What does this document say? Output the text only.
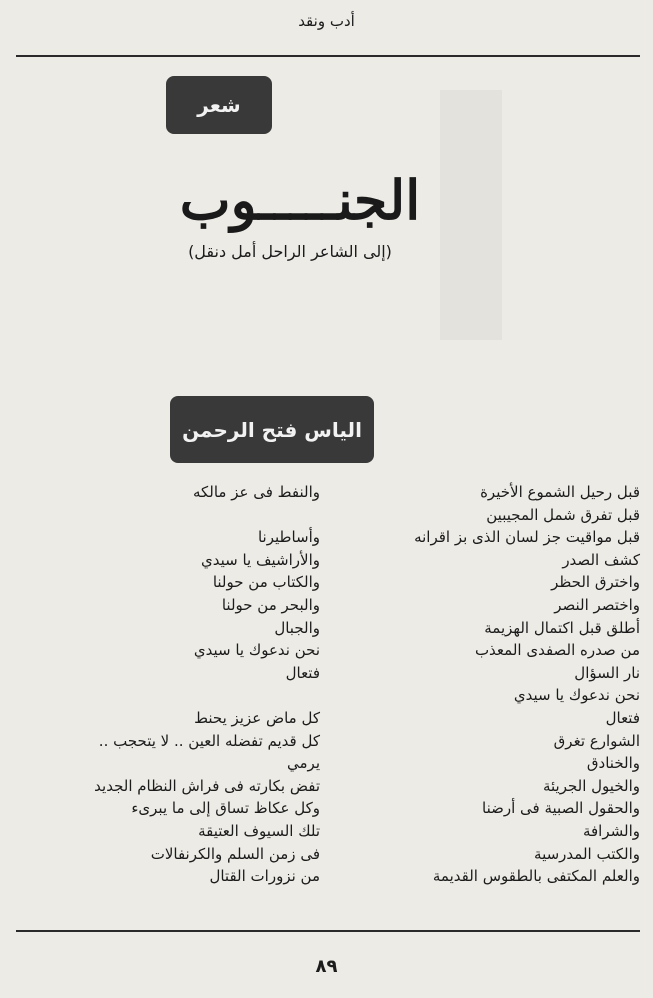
أدب ونقد
شعر
الجنـــــوب
(إلى الشاعر الراحل أمل دنقل)
الياس فتح الرحمن
قبل رحيل الشموع الأخيرة
قبل تفرق شمل المجيبين
قبل مواقيت جز لسان الذى بز اقرانه
كشف الصدر
واخترق الحظر
واختصر النصر
أطلق قبل اكتمال الهزيمة
من صدره الصفدى المعذب
نار السؤال
نحن ندعوك يا سيدي
فتعال
الشوارع تغرق
والخنادق
والخيول الجريئة
والحقول الصبية فى أرضنا
والشرافة
والكتب المدرسية
والعلم المكتفى بالطقوس القديمة
والنفط فى عز مالكه
وأساطيرنا
والأراشيف يا سيدي
والكتاب من حولنا
والبحر من حولنا
والجبال
نحن ندعوك يا سيدي
فتعال
كل ماض عزيز يحنط
كل قديم تفضله العين .. لا يتحجب ..
يرمي
تفض بكارته فى فراش النظام الجديد
وكل عكاظ تساق إلى ما يبرىء
تلك السيوف العتيقة
فى زمن السلم والكرنفالات
من نزورات القتال
٨٩
